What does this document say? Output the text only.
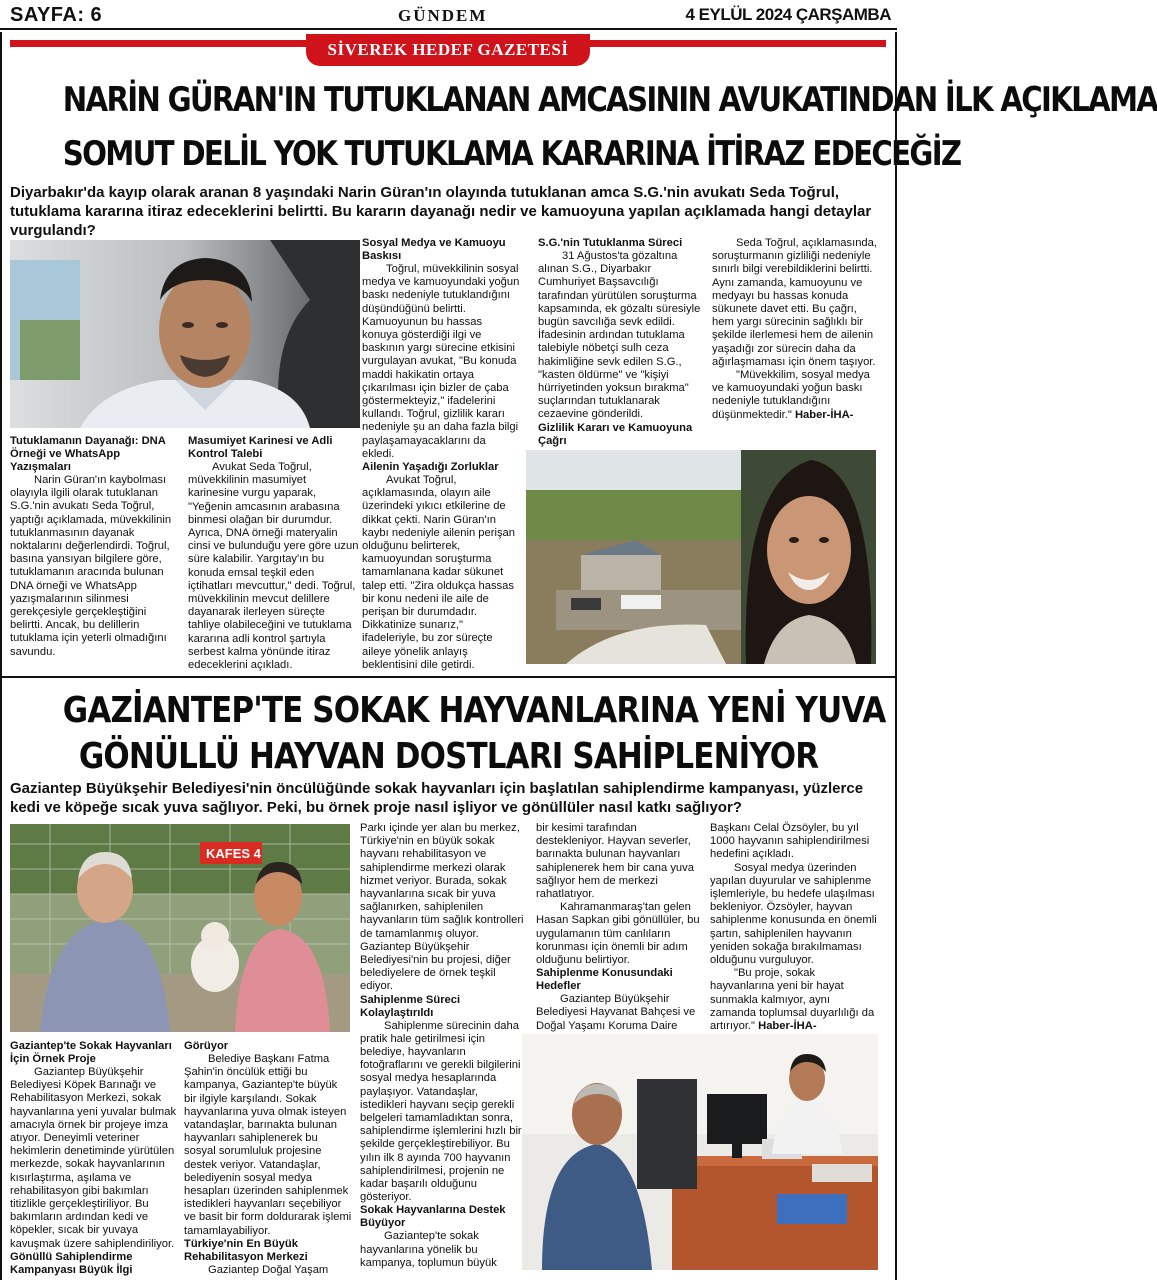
SAYFA: 6	GÜNDEM	4 EYLÜL 2024 ÇARŞAMBA
SİVEREK HEDEF GAZETESİ
NARİN GÜRAN'IN TUTUKLANAN AMCASININ AVUKATINDAN İLK AÇIKLAMA
SOMUT DELİL YOK TUTUKLAMA KARARINA İTİRAZ EDECEĞİZ
Diyarbakır'da kayıp olarak aranan 8 yaşındaki Narin Güran'ın olayında tutuklanan amca S.G.'nin avukatı Seda Toğrul, tutuklama kararına itiraz edeceklerini belirtti. Bu kararın dayanağı nedir ve kamuoyuna yapılan açıklamada hangi detaylar vurgulandı?
Tutuklamanın Dayanağı: DNA Örneği ve WhatsApp Yazışmaları

Narin Güran'ın kaybolması olayıyla ilgili olarak tutuklanan S.G.'nin avukatı Seda Toğrul, yaptığı açıklamada, müvekkilinin tutuklanmasının dayanak noktalarını değerlendirdi. Toğrul, basına yansıyan bilgilere göre, tutuklamanın aracında bulunan DNA örneği ve WhatsApp yazışmalarının silinmesi gerekçesiyle gerçekleştiğini belirtti. Ancak, bu delillerin tutuklama için yeterli olmadığını savundu.

Masumiyet Karinesi ve Adli Kontrol Talebi

Avukat Seda Toğrul, müvekkilinin masumiyet karinesine vurgu yaparak, "Yeğenin amcasının arabasına binmesi olağan bir durumdur. Ayrıca, DNA örneği materyalin cinsi ve bulunduğu yere göre uzun süre kalabilir. Yargıtay'ın bu konuda emsal teşkil eden içtihatları mevcuttur," dedi. Toğrul, müvekkilinin mevcut delillere dayanarak ilerleyen süreçte tahliye olabileceğini ve tutuklama kararına adli kontrol şartıyla serbest kalma yönünde itiraz edeceklerini açıkladı.

Sosyal Medya ve Kamuoyu Baskısı

Toğrul, müvekkilinin sosyal medya ve kamuoyundaki yoğun baskı nedeniyle tutuklandığını düşündüğünü belirtti. Kamuoyunun bu hassas konuya gösterdiği ilgi ve baskının yargı sürecine etkisini vurgulayan avukat, "Bu konuda maddi hakikatin ortaya çıkarılması için bizler de çaba göstermekteyiz," ifadelerini kullandı. Toğrul, gizlilik kararı nedeniyle şu an daha fazla bilgi paylaşamayacaklarını da ekledi.

Ailenin Yaşadığı Zorluklar

Avukat Toğrul, açıklamasında, olayın aile üzerindeki yıkıcı etkilerine de dikkat çekti. Narin Güran'ın kaybı nedeniyle ailenin perişan olduğunu belirterek, kamuoyundan soruşturma tamamlanana kadar sükunet talep etti. "Zira oldukça hassas bir konu nedeni ile aile de perişan bir durumdadır. Dikkatinize sunarız," ifadeleriyle, bu zor süreçte aileye yönelik anlayış beklentisini dile getirdi.

S.G.'nin Tutuklanma Süreci

31 Ağustos'ta gözaltına alınan S.G., Diyarbakır Cumhuriyet Başsavcılığı tarafından yürütülen soruşturma kapsamında, ek gözaltı süresiyle bugün savcılığa sevk edildi. İfadesinin ardından tutuklama talebiyle nöbetçi sulh ceza hakimliğine sevk edilen S.G., "kasten öldürme" ve "kişiyi hürriyetinden yoksun bırakma" suçlarından tutuklanarak cezaevine gönderildi.

Gizlilik Kararı ve Kamuoyuna Çağrı

Seda Toğrul, açıklamasında, soruşturmanın gizliliği nedeniyle sınırlı bilgi verebildiklerini belirtti. Aynı zamanda, kamuoyunu ve medyayı bu hassas konuda sükunete davet etti. Bu çağrı, hem yargı sürecinin sağlıklı bir şekilde ilerlemesi hem de ailenin yaşadığı zor sürecin daha da ağırlaşmaması için önem taşıyor.

"Müvekkilim, sosyal medya ve kamuoyundaki yoğun baskı nedeniyle tutuklandığını düşünmektedir." Haber-İHA-

GAZİANTEP'TE SOKAK HAYVANLARINA YENİ YUVA
GÖNÜLLÜ HAYVAN DOSTLARI SAHİPLENİYOR
Gaziantep Büyükşehir Belediyesi'nin öncülüğünde sokak hayvanları için başlatılan sahiplendirme kampanyası, yüzlerce kedi ve köpeğe sıcak yuva sağlıyor. Peki, bu örnek proje nasıl işliyor ve gönüllüler nasıl katkı sağlıyor?
KAFES 4
Gaziantep'te Sokak Hayvanları İçin Örnek Proje

Gaziantep Büyükşehir Belediyesi Köpek Barınağı ve Rehabilitasyon Merkezi, sokak hayvanlarına yeni yuvalar bulmak amacıyla örnek bir projeye imza atıyor. Deneyimli veteriner hekimlerin denetiminde yürütülen merkezde, sokak hayvanlarının kısırlaştırma, aşılama ve rehabilitasyon gibi bakımları titizlikle gerçekleştiriliyor. Bu bakımların ardından kedi ve köpekler, sıcak bir yuvaya kavuşmak üzere sahiplendiriliyor.

Gönüllü Sahiplendirme Kampanyası Büyük İlgi
Görüyor

Belediye Başkanı Fatma Şahin'in öncülük ettiği bu kampanya, Gaziantep'te büyük bir ilgiyle karşılandı. Sokak hayvanlarına yuva olmak isteyen vatandaşlar, barınakta bulunan hayvanları sahiplenerek bu sosyal sorumluluk projesine destek veriyor. Vatandaşlar, belediyenin sosyal medya hesapları üzerinden sahiplenmek istedikleri hayvanları seçebiliyor ve basit bir form doldurarak işlemi tamamlayabiliyor.

Türkiye'nin En Büyük Rehabilitasyon Merkezi

Gaziantep Doğal Yaşam

Parkı içinde yer alan bu merkez, Türkiye'nin en büyük sokak hayvanı rehabilitasyon ve sahiplendirme merkezi olarak hizmet veriyor. Burada, sokak hayvanlarına sıcak bir yuva sağlanırken, sahiplenilen hayvanların tüm sağlık kontrolleri de tamamlanmış oluyor. Gaziantep Büyükşehir Belediyesi'nin bu projesi, diğer belediyelere de örnek teşkil ediyor.

Sahiplenme Süreci Kolaylaştırıldı

Sahiplenme sürecinin daha pratik hale getirilmesi için belediye, hayvanların fotoğraflarını ve gerekli bilgilerini sosyal medya hesaplarında paylaşıyor. Vatandaşlar, istedikleri hayvanı seçip gerekli belgeleri tamamladıktan sonra, sahiplendirme işlemlerini hızlı bir şekilde gerçekleştirebiliyor. Bu yılın ilk 8 ayında 700 hayvanın sahiplendirilmesi, projenin ne kadar başarılı olduğunu gösteriyor.

Sokak Hayvanlarına Destek Büyüyor

Gaziantep'te sokak hayvanlarına yönelik bu kampanya, toplumun büyük

bir kesimi tarafından destekleniyor. Hayvan severler, barınakta bulunan hayvanları sahiplenerek hem bir cana yuva sağlıyor hem de merkezi rahatlatıyor.

Kahramanmaraş'tan gelen Hasan Sapkan gibi gönüllüler, bu uygulamanın tüm canlıların korunması için önemli bir adım olduğunu belirtiyor.

Sahiplenme Konusundaki Hedefler

Gaziantep Büyükşehir Belediyesi Hayvanat Bahçesi ve Doğal Yaşamı Koruma Daire

Başkanı Celal Özsöyler, bu yıl 1000 hayvanın sahiplendirilmesi hedefini açıkladı.

Sosyal medya üzerinden yapılan duyurular ve sahiplenme işlemleriyle, bu hedefe ulaşılması bekleniyor. Özsöyler, hayvan sahiplenme konusunda en önemli şartın, sahiplenilen hayvanın yeniden sokağa bırakılmaması olduğunu vurguluyor.

"Bu proje, sokak hayvanlarına yeni bir hayat sunmakla kalmıyor, aynı zamanda toplumsal duyarlılığı da artırıyor." Haber-İHA-
